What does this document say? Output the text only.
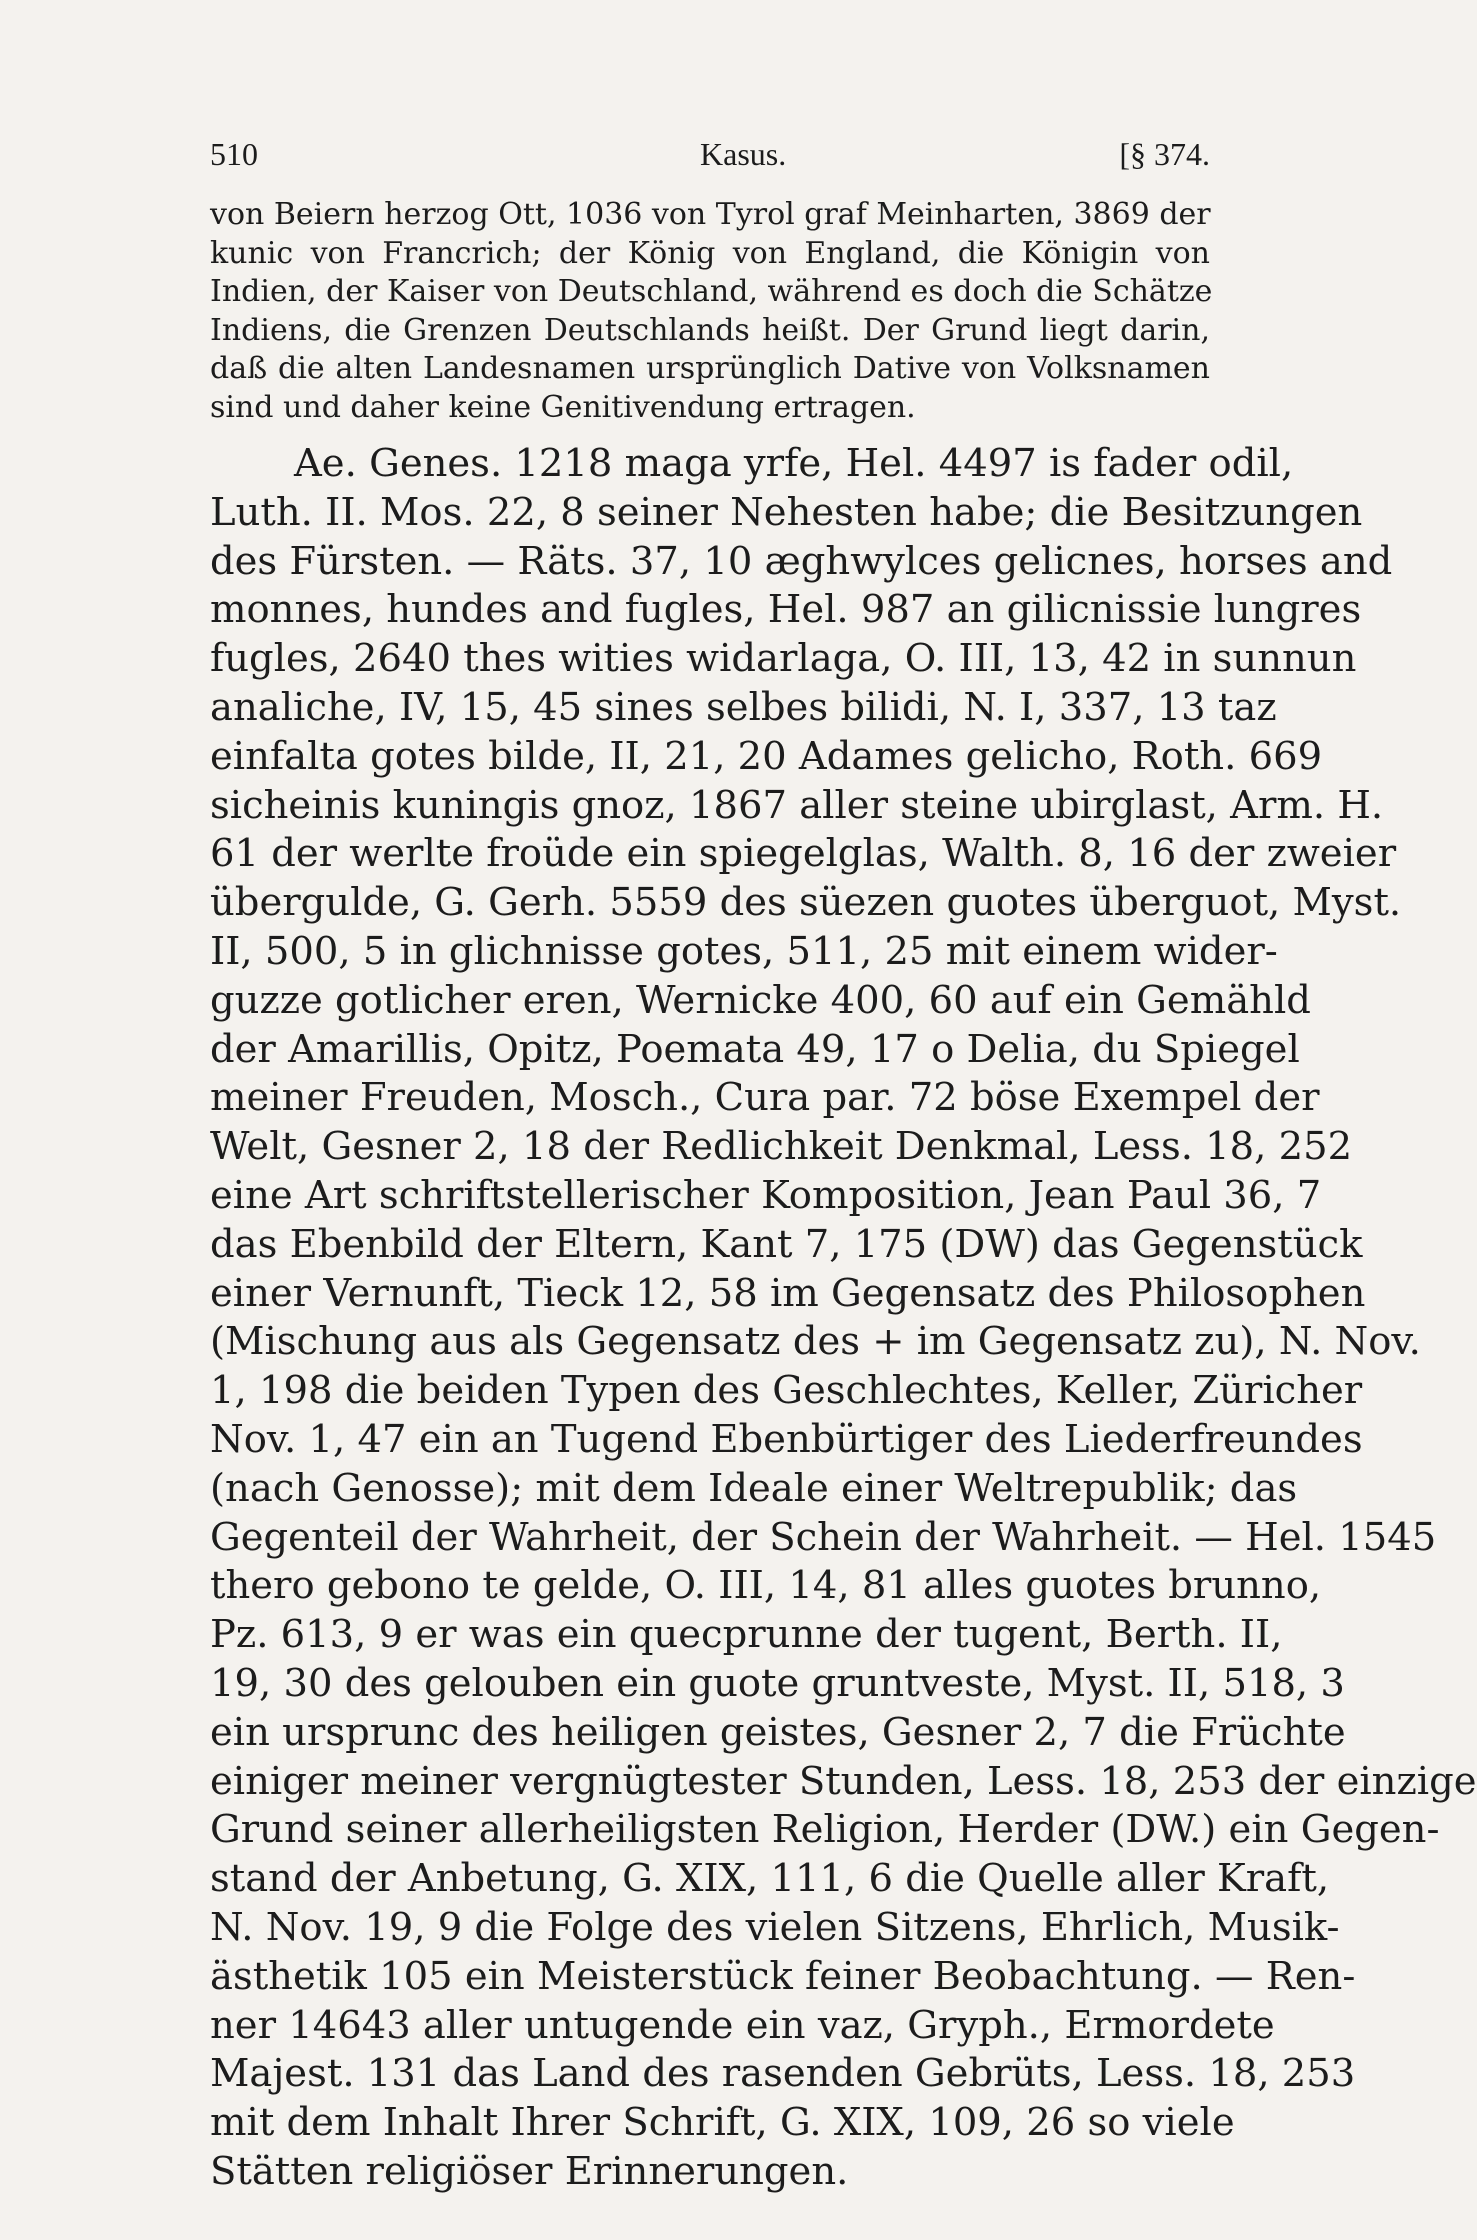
510	Kasus.	[§ 374.
von Beiern herzog Ott, 1036 von Tyrol graf Meinharten, 3869 der
kunic von Francrich; der König von England, die Königin von
Indien, der Kaiser von Deutschland, während es doch die Schätze
Indiens, die Grenzen Deutschlands heißt. Der Grund liegt darin,
daß die alten Landesnamen ursprünglich Dative von Volksnamen
sind und daher keine Genitivendung ertragen.
Ae. Genes. 1218 maga yrfe, Hel. 4497 is fader odil,
Luth. II. Mos. 22, 8 seiner Nehesten habe; die Besitzungen
des Fürsten. — Räts. 37, 10 æghwylces gelicnes, horses and
monnes, hundes and fugles, Hel. 987 an gilicnissie lungres
fugles, 2640 thes wities widarlaga, O. III, 13, 42 in sunnun
analiche, IV, 15, 45 sines selbes bilidi, N. I, 337, 13 taz
einfalta gotes bilde, II, 21, 20 Adames gelicho, Roth. 669
sicheinis kuningis gnoz, 1867 aller steine ubirglast, Arm. H.
61 der werlte froüde ein spiegelglas, Walth. 8, 16 der zweier
übergulde, G. Gerh. 5559 des süezen guotes überguot, Myst.
II, 500, 5 in glichnisse gotes, 511, 25 mit einem wider-
guzze gotlicher eren, Wernicke 400, 60 auf ein Gemähld
der Amarillis, Opitz, Poemata 49, 17 o Delia, du Spiegel
meiner Freuden, Mosch., Cura par. 72 böse Exempel der
Welt, Gesner 2, 18 der Redlichkeit Denkmal, Less. 18, 252
eine Art schriftstellerischer Komposition, Jean Paul 36, 7
das Ebenbild der Eltern, Kant 7, 175 (DW) das Gegenstück
einer Vernunft, Tieck 12, 58 im Gegensatz des Philosophen
(Mischung aus als Gegensatz des + im Gegensatz zu), N. Nov.
1, 198 die beiden Typen des Geschlechtes, Keller, Züricher
Nov. 1, 47 ein an Tugend Ebenbürtiger des Liederfreundes
(nach Genosse); mit dem Ideale einer Weltrepublik; das
Gegenteil der Wahrheit, der Schein der Wahrheit. — Hel. 1545
thero gebono te gelde, O. III, 14, 81 alles guotes brunno,
Pz. 613, 9 er was ein quecprunne der tugent, Berth. II,
19, 30 des gelouben ein guote gruntveste, Myst. II, 518, 3
ein ursprunc des heiligen geistes, Gesner 2, 7 die Früchte
einiger meiner vergnügtester Stunden, Less. 18, 253 der einzige
Grund seiner allerheiligsten Religion, Herder (DW.) ein Gegen-
stand der Anbetung, G. XIX, 111, 6 die Quelle aller Kraft,
N. Nov. 19, 9 die Folge des vielen Sitzens, Ehrlich, Musik-
ästhetik 105 ein Meisterstück feiner Beobachtung. — Ren-
ner 14643 aller untugende ein vaz, Gryph., Ermordete
Majest. 131 das Land des rasenden Gebrüts, Less. 18, 253
mit dem Inhalt Ihrer Schrift, G. XIX, 109, 26 so viele
Stätten religiöser Erinnerungen.
